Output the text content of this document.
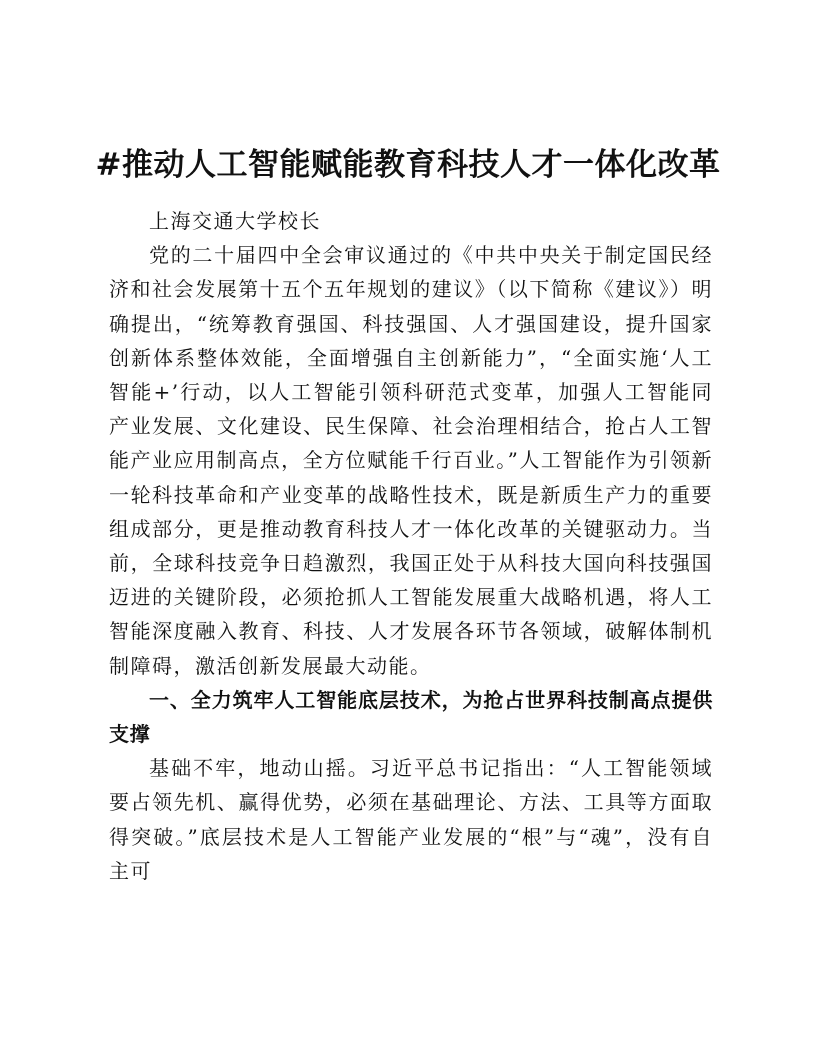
#推动人工智能赋能教育科技人才一体化改革

上海交通大学校长

党的二十届四中全会审议通过的《中共中央关于制定国民经济和社会发展第十五个五年规划的建议》（以下简称《建议》）明确提出，“统筹教育强国、科技强国、人才强国建设，提升国家创新体系整体效能，全面增强自主创新能力”，“全面实施‘人工智能+’行动，以人工智能引领科研范式变革，加强人工智能同产业发展、文化建设、民生保障、社会治理相结合，抢占人工智能产业应用制高点，全方位赋能千行百业。”人工智能作为引领新一轮科技革命和产业变革的战略性技术，既是新质生产力的重要组成部分，更是推动教育科技人才一体化改革的关键驱动力。当前，全球科技竞争日趋激烈，我国正处于从科技大国向科技强国迈进的关键阶段，必须抢抓人工智能发展重大战略机遇，将人工智能深度融入教育、科技、人才发展各环节各领域，破解体制机制障碍，激活创新发展最大动能。

一、全力筑牢人工智能底层技术，为抢占世界科技制高点提供支撑

基础不牢，地动山摇。习近平总书记指出：“人工智能领域要占领先机、赢得优势，必须在基础理论、方法、工具等方面取得突破。”底层技术是人工智能产业发展的“根”与“魂”，没有自主可
